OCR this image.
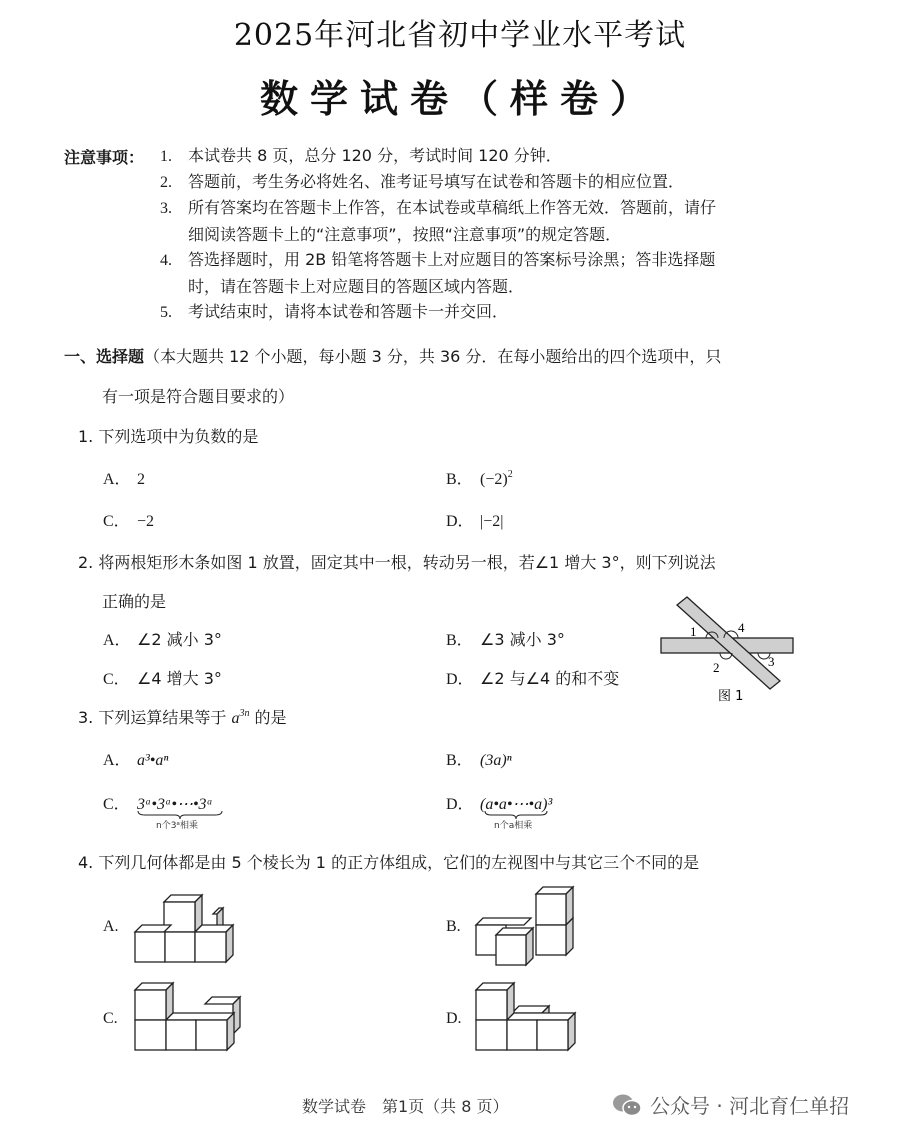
2025年河北省初中学业水平考试
数学试卷（样卷）
注意事项： 1. 本试卷共 8 页，总分 120 分，考试时间 120 分钟．
2. 答题前，考生务必将姓名、准考证号填写在试卷和答题卡的相应位置．
3. 所有答案均在答题卡上作答，在本试卷或草稿纸上作答无效．答题前，请仔
细阅读答题卡上的“注意事项”，按照“注意事项”的规定答题．
4. 答选择题时，用 2B 铅笔将答题卡上对应题目的答案标号涂黑；答非选择题
时，请在答题卡上对应题目的答题区域内答题．
5. 考试结束时，请将本试卷和答题卡一并交回．
一、选择题（本大题共 12 个小题，每小题 3 分，共 36 分．在每小题给出的四个选项中，只
有一项是符合题目要求的）
1. 下列选项中为负数的是
A． 2	B． $(-2)^2$
C． −2	D． |−2|
2. 将两根矩形木条如图 1 放置，固定其中一根，转动另一根，若∠1 增大 3°，则下列说法
正确的是
A． ∠2 减小 3°	B． ∠3 减小 3°
C． ∠4 增大 3°	D． ∠2 与∠4 的和不变
1
2	3
4
图 1
3. 下列运算结果等于 $a^{3n}$ 的是
A． a³•aⁿ	B． (3a)ⁿ
C． 3ᵃ•3ᵃ•⋯•3ᵃ
n个3ᵃ相乘
D． (a•a•⋯•a)³
n个a相乘
4. 下列几何体都是由 5 个棱长为 1 的正方体组成，它们的左视图中与其它三个不同的是
A.	B.
C.	D.
数学试卷　第1页（共 8 页）	公众号 · 河北育仁单招
